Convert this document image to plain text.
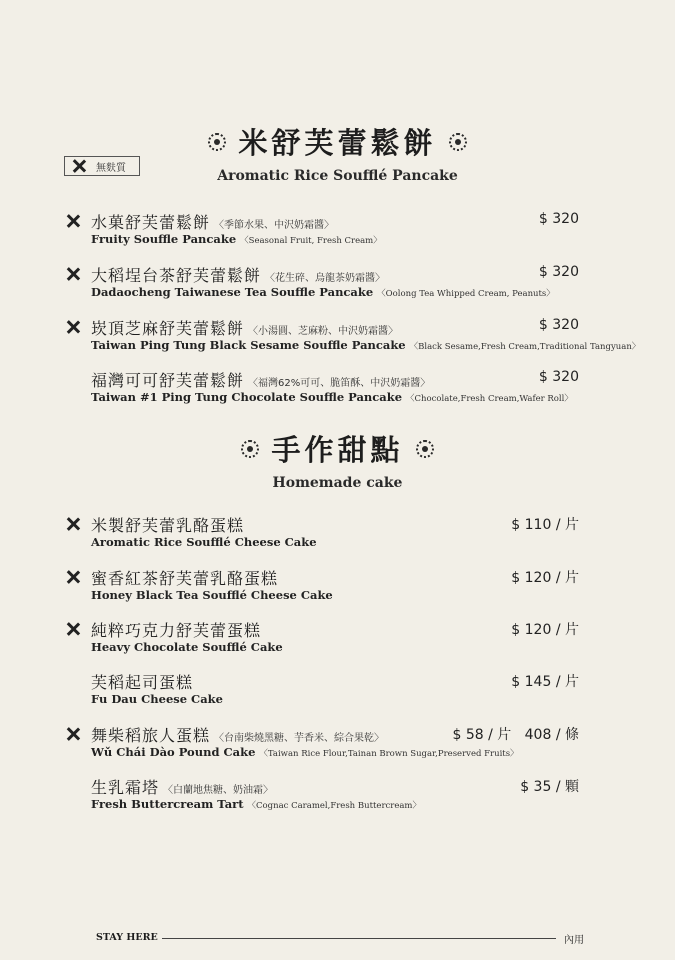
米舒芙蕾鬆餅
Aromatic Rice Soufflé Pancake
無麩質
水菓舒芙蕾鬆餅 〈季節水果、中沢奶霜醬〉
Fruity Souffle Pancake 〈Seasonal Fruit, Fresh Cream〉
$ 320
大稻埕台茶舒芙蕾鬆餅 〈花生碎、烏龍茶奶霜醬〉
Dadaocheng Taiwanese Tea Souffle Pancake 〈Oolong Tea Whipped Cream, Peanuts〉
$ 320
崁頂芝麻舒芙蕾鬆餅 〈小湯圓、芝麻粉、中沢奶霜醬〉
Taiwan Ping Tung Black Sesame Souffle Pancake 〈Black Sesame,Fresh Cream,Traditional Tangyuan〉
$ 320
福灣可可舒芙蕾鬆餅 〈福灣62%可可、脆笛酥、中沢奶霜醬〉
Taiwan #1 Ping Tung Chocolate Souffle Pancake 〈Chocolate,Fresh Cream,Wafer Roll〉
$ 320
手作甜點
Homemade cake
米製舒芙蕾乳酪蛋糕
Aromatic Rice Soufflé Cheese Cake
$ 110 / 片
蜜香紅茶舒芙蕾乳酪蛋糕
Honey Black Tea Soufflé Cheese Cake
$ 120 / 片
純粹巧克力舒芙蕾蛋糕
Heavy Chocolate Soufflé Cake
$ 120 / 片
芙稻起司蛋糕
Fu Dau Cheese Cake
$ 145 / 片
舞柴稻旅人蛋糕 〈台南柴燒黑糖、芋香米、綜合果乾〉
Wǔ Chái Dào Pound Cake 〈Taiwan Rice Flour,Tainan Brown Sugar,Preserved Fruits〉
$ 58 / 片   408 / 條
生乳霜塔 〈白蘭地焦糖、奶油霜〉
Fresh Buttercream Tart 〈Cognac Caramel,Fresh Buttercream〉
$ 35 / 顆
STAY HERE	內用
